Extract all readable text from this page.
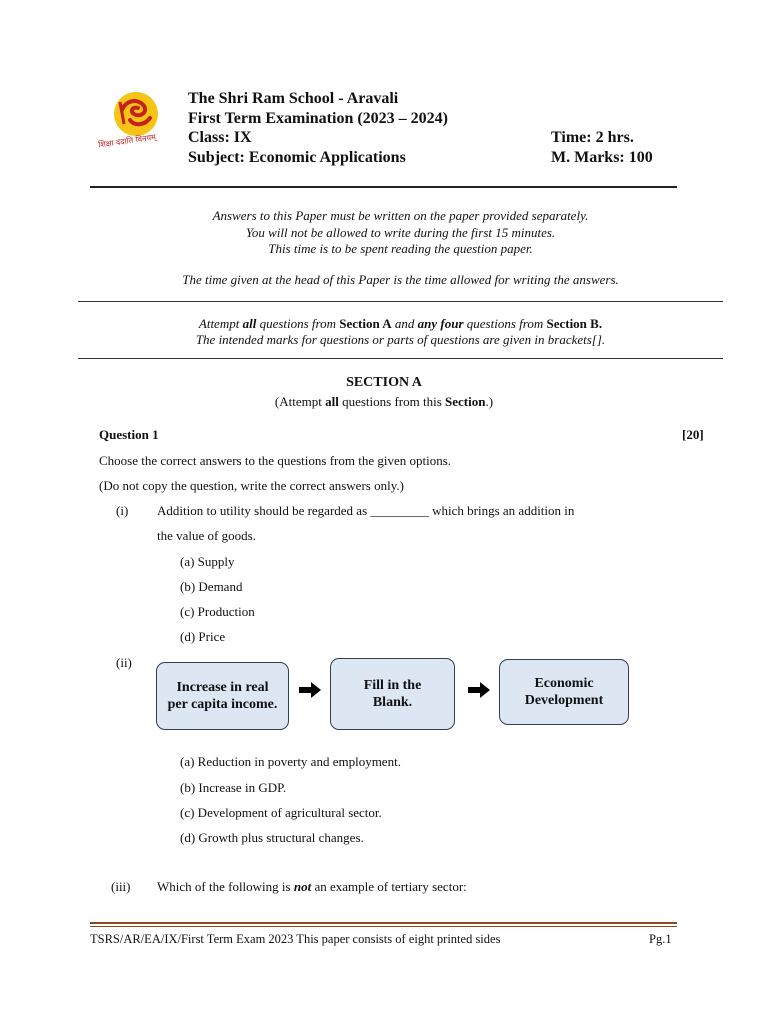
शिक्षा ददाति विनयम्
The Shri Ram School - Aravali
First Term Examination (2023 – 2024)
Class: IX	Time: 2 hrs.
Subject: Economic Applications	M. Marks: 100
Answers to this Paper must be written on the paper provided separately.
You will not be allowed to write during the first 15 minutes.
This time is to be spent reading the question paper.
The time given at the head of this Paper is the time allowed for writing the answers.
Attempt all questions from Section A and any four questions from Section B.
The intended marks for questions or parts of questions are given in brackets[].
SECTION A
(Attempt all questions from this Section.)
Question 1	[20]
Choose the correct answers to the questions from the given options.
(Do not copy the question, write the correct answers only.)
(i) Addition to utility should be regarded as _________ which brings an addition in
the value of goods.
(a) Supply
(b) Demand
(c) Production
(d) Price
(ii)
Increase in real per capita income.
Fill in the Blank.
Economic Development
(a) Reduction in poverty and employment.
(b) Increase in GDP.
(c) Development of agricultural sector.
(d) Growth plus structural changes.
(iii) Which of the following is not an example of tertiary sector:
TSRS/AR/EA/IX/First Term Exam 2023 This paper consists of eight printed sides	Pg.1
